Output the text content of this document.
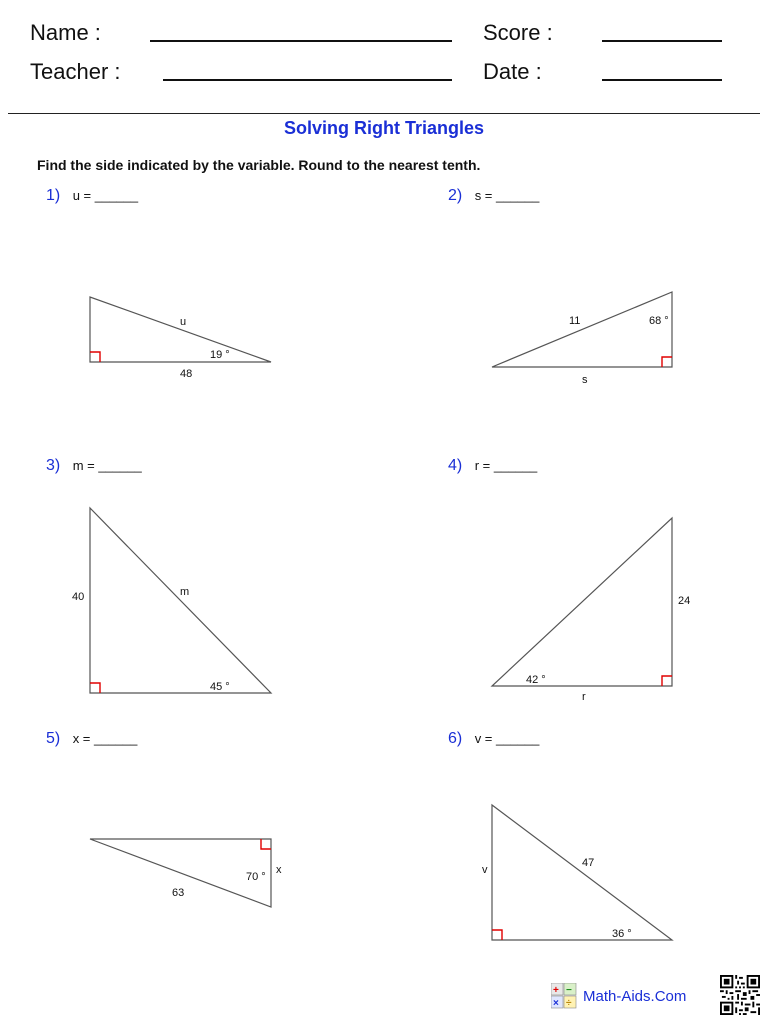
Name :
Teacher :
Score :
Date :
Solving Right Triangles
Find the side indicated by the variable. Round to the nearest tenth.
1) u = ______	2) s = ______
3) m = ______	4) r = ______
5) x = ______	6) v = ______
u
48
19 °
11
s
68 °
40	m
45 °
24
r
42 °
63
x
70 °
v
47
36 °
+ −
× ÷ Math-Aids.Com
